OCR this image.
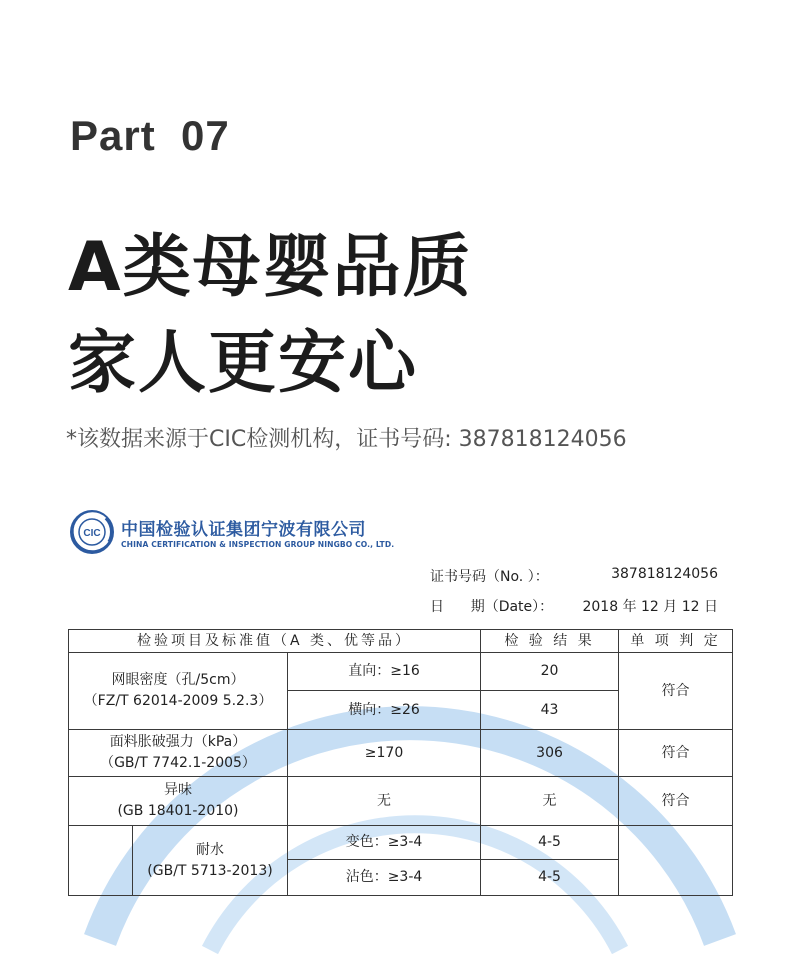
Part  07
A类母婴品质
家人更安心
*该数据来源于CIC检测机构，证书号码: 387818124056
CIC 中国检验认证集团宁波有限公司
CHINA CERTIFICATION & INSPECTION GROUP NINGBO CO., LTD.
证书号码（No. ）：	387818124056
日      期（Date）： 2018 年 12 月 12 日
检验项目及标准值（A 类、优等品）			检 验 结 果	单 项 判 定

网眼密度（孔/5cm）
（FZ/T 62014-2009 5.2.3）		直向：≥16	20	符合
		横向：≥26	43	

面料胀破强力（kPa）
（GB/T 7742.1-2005）		≥170	306	符合

异味
(GB 18401-2010)		无	无	符合

	耐水
(GB/T 5713-2013)	变色：≥3-4	4-5	
		沾色：≥3-4	4-5	
